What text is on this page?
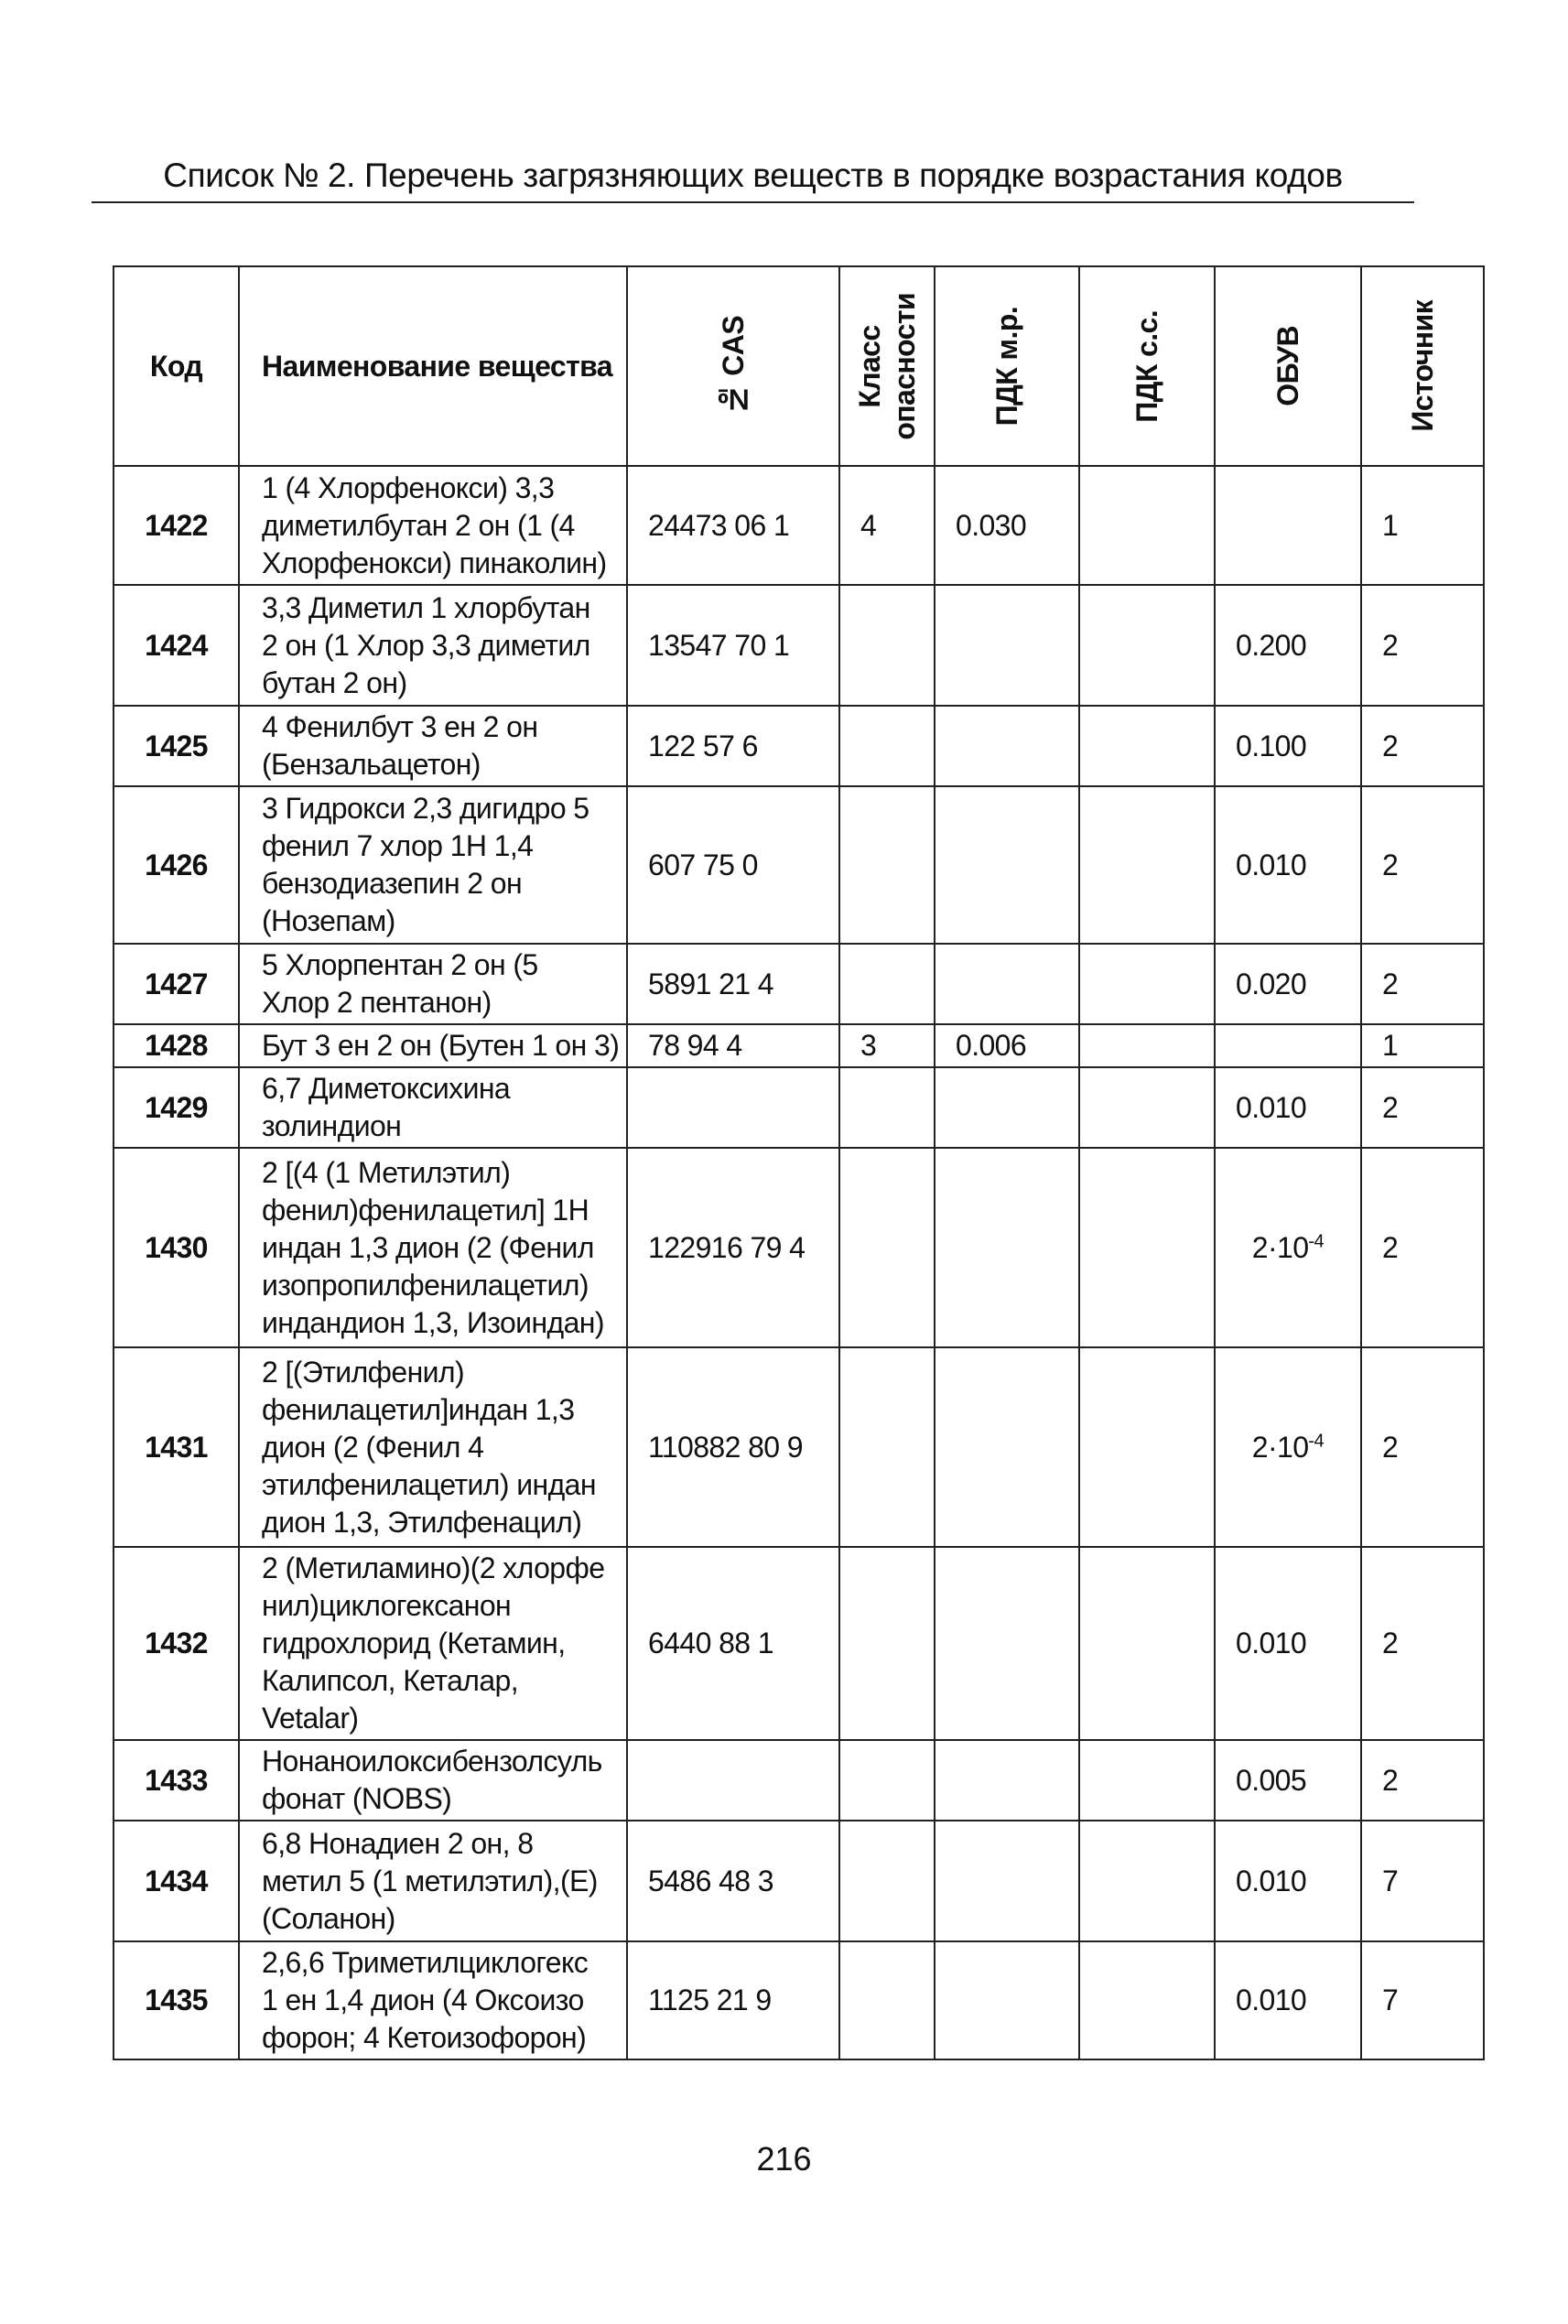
Список № 2. Перечень загрязняющих веществ в порядке возрастания кодов
Код	Наименование вещества	№ CAS	Класс
опасности	ПДК м.р.	ПДК с.с.	ОБУВ	Источник

1422	1 (4 Хлорфенокси) 3,3
диметилбутан 2 он (1 (4
Хлорфенокси) пинаколин)	24473 06 1	4	0.030			1
1424	3,3 Диметил 1 хлорбутан
2 он (1 Хлор 3,3 диметил
бутан 2 он)	13547 70 1				0.200	2
1425	4 Фенилбут 3 ен 2 он
(Бензальацетон)	122 57 6				0.100	2
1426	3 Гидрокси 2,3 дигидро 5
фенил 7 хлор 1Н 1,4
бензодиазепин 2 он
(Нозепам)	607 75 0				0.010	2
1427	5 Хлорпентан 2 он (5
Хлор 2 пентанон)	5891 21 4				0.020	2
1428	Бут 3 ен 2 он (Бутен 1 он 3)	78 94 4	3	0.006			1
1429	6,7 Диметоксихина
золиндион					0.010	2
1430	2 [(4 (1 Метилэтил)
фенил)фенилацетил] 1Н
индан 1,3 дион (2 (Фенил
изопропилфенилацетил)
индандион 1,3, Изоиндан)	122916 79 4				$2\cdot 10^{-4}$	2
1431	2 [(Этилфенил)
фенилацетил]индан 1,3
дион (2 (Фенил 4
этилфенилацетил) индан
дион 1,3, Этилфенацил)	110882 80 9				$2\cdot 10^{-4}$	2
1432	2 (Метиламино)(2 хлорфе
нил)циклогексанон
гидрохлорид (Кетамин,
Калипсол, Кеталар, Vetalar)	6440 88 1				0.010	2
1433	Нонаноилоксибензолсуль
фонат (NOBS)					0.005	2
1434	6,8 Нонадиен 2 он, 8
метил 5 (1 метилэтил),(Е)
(Соланон)	5486 48 3				0.010	7
1435	2,6,6 Триметилциклогекс
1 ен 1,4 дион (4 Оксоизо
форон; 4 Кетоизофорон)	1125 21 9				0.010	7
216
